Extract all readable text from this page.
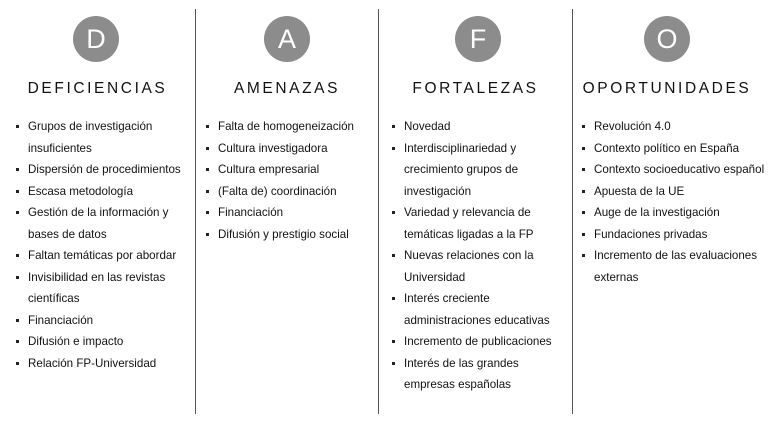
D
DEFICIENCIAS
Grupos de investigación insuficientes
Dispersión de procedimientos
Escasa metodología
Gestión de la información y bases de datos
Faltan temáticas por abordar
Invisibilidad en las revistas científicas
Financiación
Difusión e impacto
Relación FP-Universidad
A
AMENAZAS
Falta de homogeneización
Cultura investigadora
Cultura empresarial
(Falta de) coordinación
Financiación
Difusión y prestigio social
F
FORTALEZAS
Novedad
Interdisciplinariedad y crecimiento grupos de investigación
Variedad y relevancia de temáticas ligadas a la FP
Nuevas relaciones con la Universidad
Interés creciente administraciones educativas
Incremento de publicaciones
Interés de las grandes empresas españolas
O
OPORTUNIDADES
Revolución 4.0
Contexto político en España
Contexto socioeducativo español
Apuesta de la UE
Auge de la investigación
Fundaciones privadas
Incremento de las evaluaciones externas
